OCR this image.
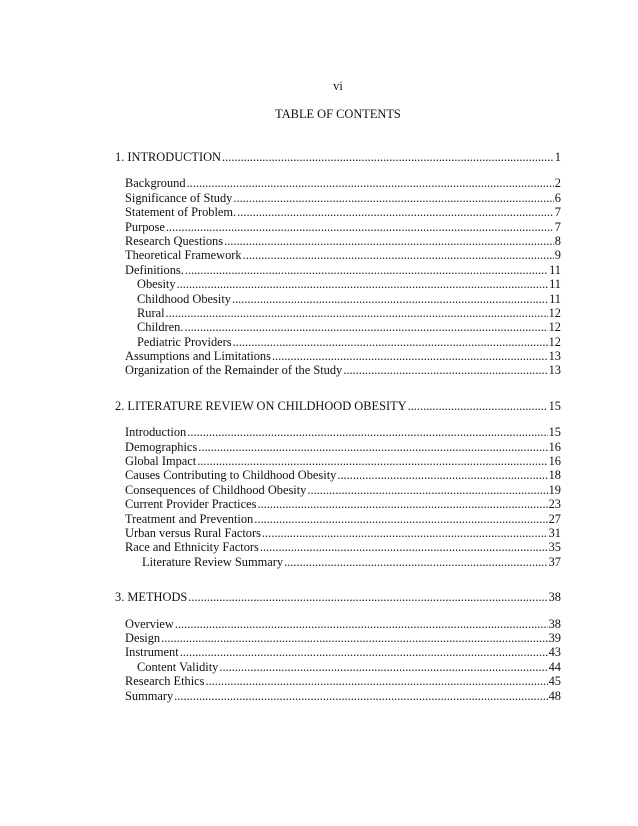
vi
TABLE OF CONTENTS
1. INTRODUCTION .....	1
Background .....	2
Significance of Study .....	6
Statement of Problem. .....	7
Purpose .....	7
Research Questions .....	8
Theoretical Framework .....	9
Definitions. .....	11
Obesity .....	11
Childhood Obesity .....	11
Rural .....	12
Children. .....	12
Pediatric Providers .....	12
Assumptions and Limitations .....	13
Organization of the Remainder of the Study .....	13
2. LITERATURE REVIEW ON CHILDHOOD OBESITY .....	15
Introduction .....	15
Demographics .....	16
Global Impact .....	16
Causes Contributing to Childhood Obesity .....	18
Consequences of Childhood Obesity .....	19
Current Provider Practices .....	23
Treatment and Prevention .....	27
Urban versus Rural Factors .....	31
Race and Ethnicity Factors .....	35
Literature Review Summary .....	37
3. METHODS .....	38
Overview .....	38
Design .....	39
Instrument .....	43
Content Validity .....	44
Research Ethics .....	45
Summary .....	48
